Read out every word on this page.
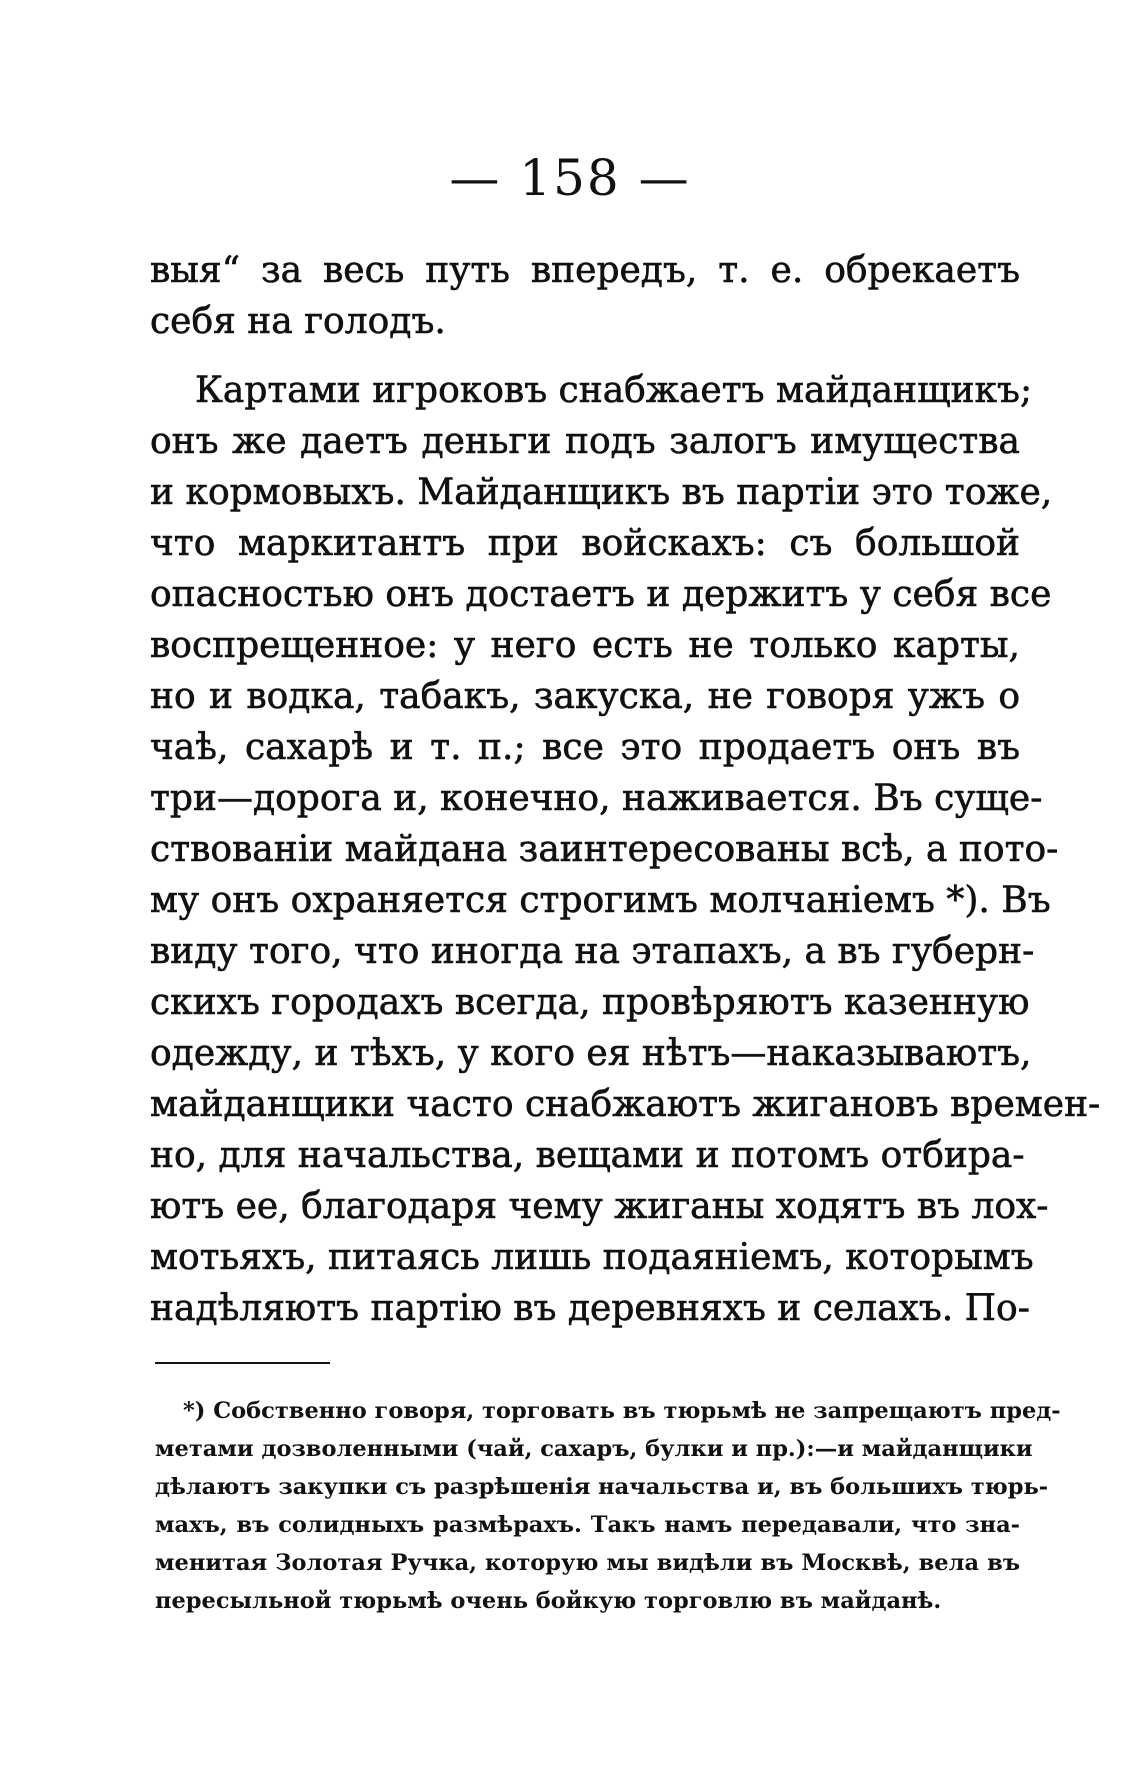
— 158 —
выя“ за весь путь впередъ, т. е. обрекаетъ
себя на голодъ.
Картами игроковъ снабжаетъ майданщикъ;
онъ же даетъ деньги подъ залогъ имущества
и кормовыхъ. Майданщикъ въ партiи это тоже,
что маркитантъ при войскахъ: съ большой
опасностью онъ достаетъ и держитъ у себя все
воспрещенное: у него есть не только карты,
но и водка, табакъ, закуска, не говоря ужъ о
чаѣ, сахарѣ и т. п.; все это продаетъ онъ въ
три—дорога и, конечно, наживается. Въ суще-
ствованiи майдана заинтересованы всѣ, а пото-
му онъ охраняется строгимъ молчанiемъ *). Въ
виду того, что иногда на этапахъ, а въ губерн-
скихъ городахъ всегда, провѣряютъ казенную
одежду, и тѣхъ, у кого ея нѣтъ—наказываютъ,
майданщики часто снабжаютъ жигановъ времен-
но, для начальства, вещами и потомъ отбира-
ютъ ее, благодаря чему жиганы ходятъ въ лох-
мотьяхъ, питаясь лишь подаянiемъ, которымъ
надѣляютъ партiю въ деревняхъ и селахъ. По-
*) Собственно говоря, торговать въ тюрьмѣ не запрещаютъ пред-
метами дозволенными (чай, сахаръ, булки и пр.):—и майданщики
дѣлаютъ закупки съ разрѣшенiя начальства и, въ большихъ тюрь-
махъ, въ солидныхъ размѣрахъ. Такъ намъ передавали, что зна-
менитая Золотая Ручка, которую мы видѣли въ Москвѣ, вела въ
пересыльной тюрьмѣ очень бойкую торговлю въ майданѣ.
